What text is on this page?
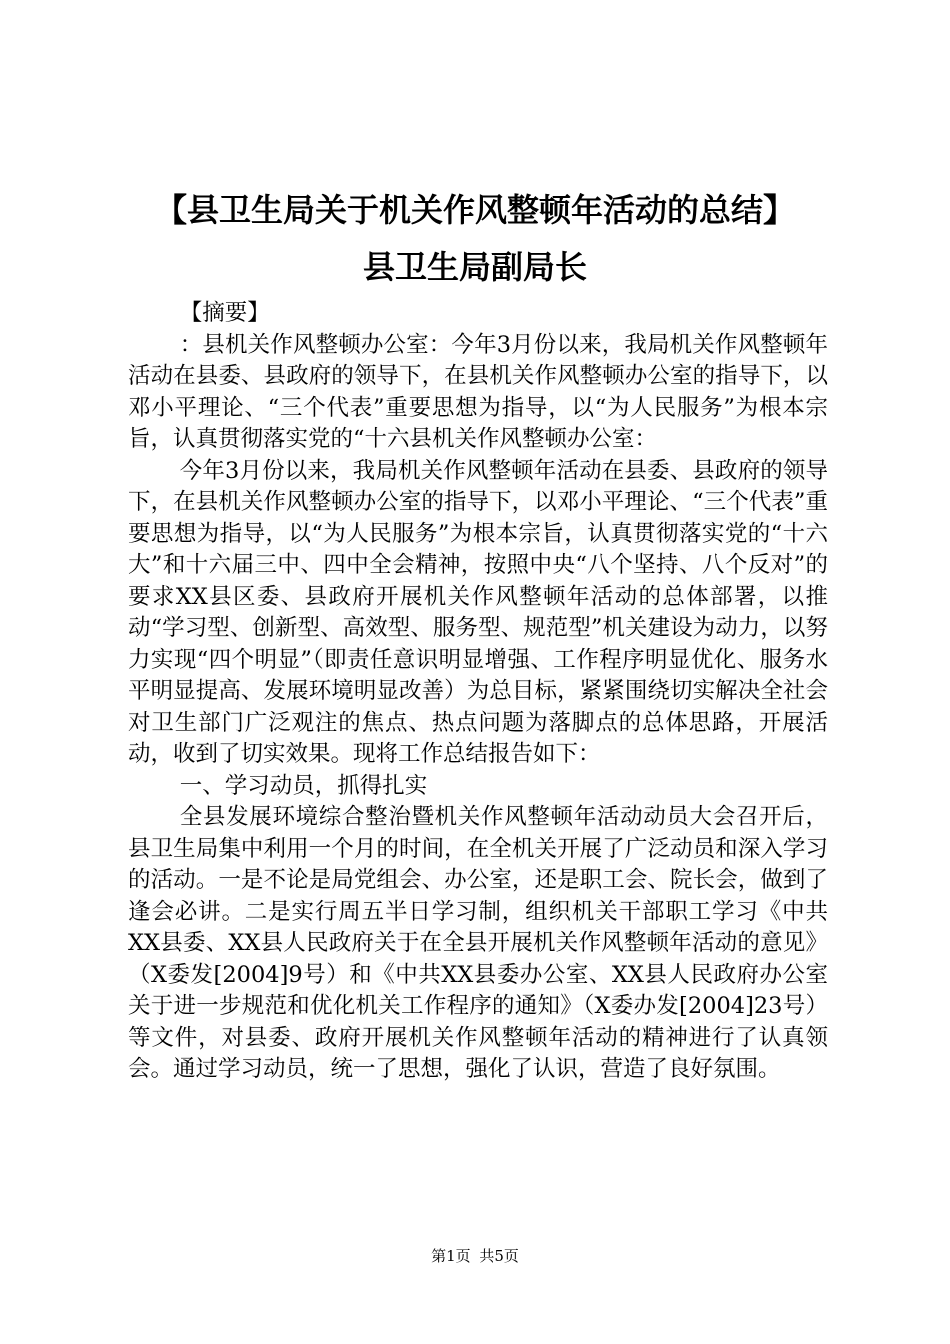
【县卫生局关于机关作风整顿年活动的总结】
县卫生局副局长

【摘要】

：县机关作风整顿办公室：今年3月份以来，我局机关作风整顿年活动在县委、县政府的领导下，在县机关作风整顿办公室的指导下，以邓小平理论、“三个代表”重要思想为指导，以“为人民服务”为根本宗旨，认真贯彻落实党的“十六县机关作风整顿办公室：

今年3月份以来，我局机关作风整顿年活动在县委、县政府的领导下，在县机关作风整顿办公室的指导下，以邓小平理论、“三个代表”重要思想为指导，以“为人民服务”为根本宗旨，认真贯彻落实党的“十六大”和十六届三中、四中全会精神，按照中央“八个坚持、八个反对”的要求XX县区委、县政府开展机关作风整顿年活动的总体部署，以推动“学习型、创新型、高效型、服务型、规范型”机关建设为动力，以努力实现“四个明显”（即责任意识明显增强、工作程序明显优化、服务水平明显提高、发展环境明显改善）为总目标，紧紧围绕切实解决全社会对卫生部门广泛观注的焦点、热点问题为落脚点的总体思路，开展活动，收到了切实效果。现将工作总结报告如下：

一、学习动员，抓得扎实

全县发展环境综合整治暨机关作风整顿年活动动员大会召开后，县卫生局集中利用一个月的时间，在全机关开展了广泛动员和深入学习的活动。一是不论是局党组会、办公室，还是职工会、院长会，做到了逢会必讲。二是实行周五半日学习制，组织机关干部职工学习《中共XX县委、XX县人民政府关于在全县开展机关作风整顿年活动的意见》（X委发[2004]9号）和《中共XX县委办公室、XX县人民政府办公室关于进一步规范和优化机关工作程序的通知》（X委办发[2004]23号）等文件，对县委、政府开展机关作风整顿年活动的精神进行了认真领会。通过学习动员，统一了思想，强化了认识，营造了良好氛围。

第1页 共5页
